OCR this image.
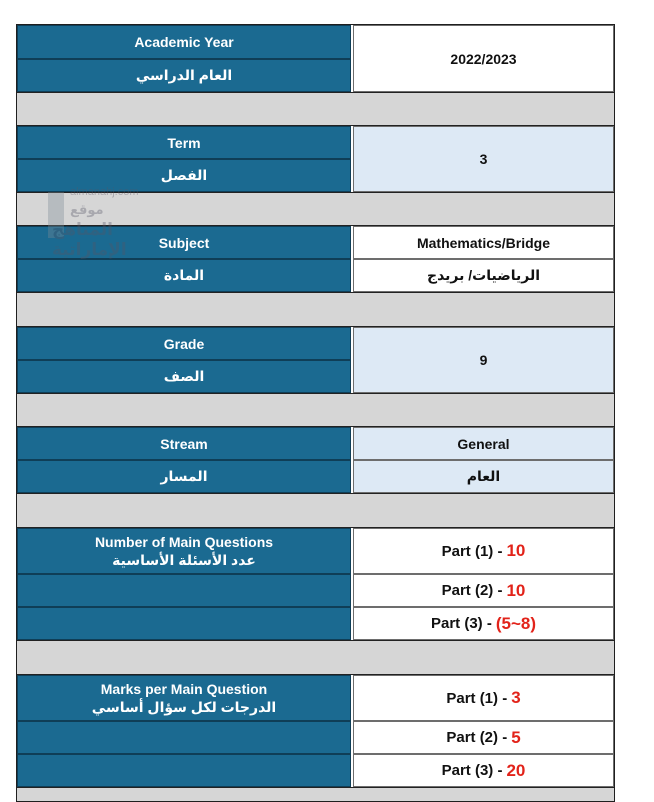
Academic Year
العام الدراسي
2022/2023
Term
الفصل
3
Subject
المادة
Mathematics/Bridge
الرياضيات/ بريدج
Grade
الصف
9
Stream
المسار
General
العام
Number of Main Questions
عدد الأسئلة الأساسية
Part (1) - 10
Part (2) - 10
Part (3) - (5~8)
Marks per Main Question
الدرجات لكل سؤال أساسي
Part (1) - 3
Part (2) - 5
Part (3) - 20
almanahj.com
موقع
المناهج الإماراتية
